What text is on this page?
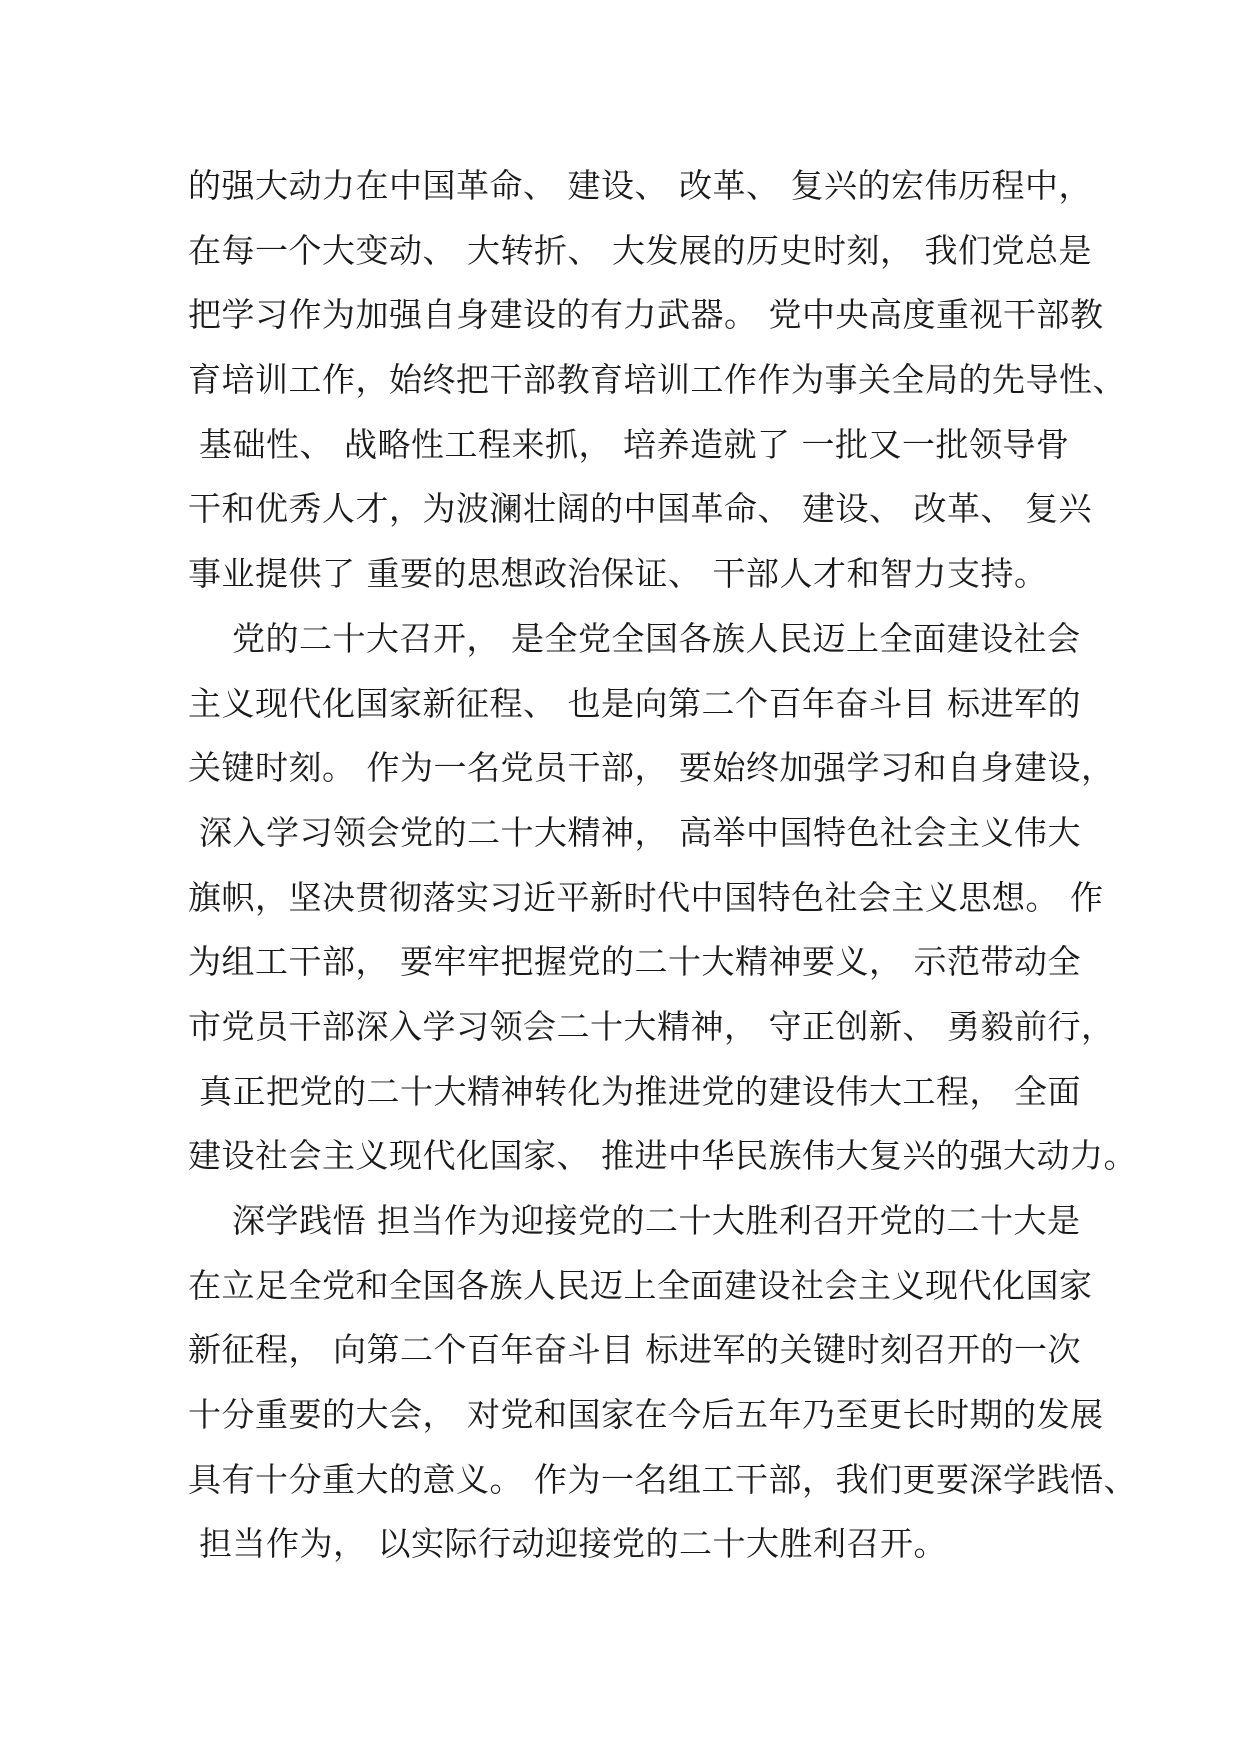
的强大动力在中国革命、 建设、 改革、 复兴的宏伟历程中，
在每一个大变动、 大转折、 大发展的历史时刻， 我们党总是
把学习作为加强自身建设的有力武器。 党中央高度重视干部教
育培训工作，始终把干部教育培训工作作为事关全局的先导性、
基础性、 战略性工程来抓， 培养造就了 一批又一批领导骨
干和优秀人才，为波澜壮阔的中国革命、 建设、 改革、 复兴
事业提供了 重要的思想政治保证、 干部人才和智力支持。
党的二十大召开， 是全党全国各族人民迈上全面建设社会
主义现代化国家新征程、 也是向第二个百年奋斗目 标进军的
关键时刻。 作为一名党员干部， 要始终加强学习和自身建设，
深入学习领会党的二十大精神， 高举中国特色社会主义伟大
旗帜，坚决贯彻落实习近平新时代中国特色社会主义思想。 作
为组工干部， 要牢牢把握党的二十大精神要义， 示范带动全
市党员干部深入学习领会二十大精神， 守正创新、 勇毅前行，
真正把党的二十大精神转化为推进党的建设伟大工程， 全面
建设社会主义现代化国家、 推进中华民族伟大复兴的强大动力。
深学践悟 担当作为迎接党的二十大胜利召开党的二十大是
在立足全党和全国各族人民迈上全面建设社会主义现代化国家
新征程， 向第二个百年奋斗目 标进军的关键时刻召开的一次
十分重要的大会， 对党和国家在今后五年乃至更长时期的发展
具有十分重大的意义。 作为一名组工干部，我们更要深学践悟、
担当作为， 以实际行动迎接党的二十大胜利召开。
